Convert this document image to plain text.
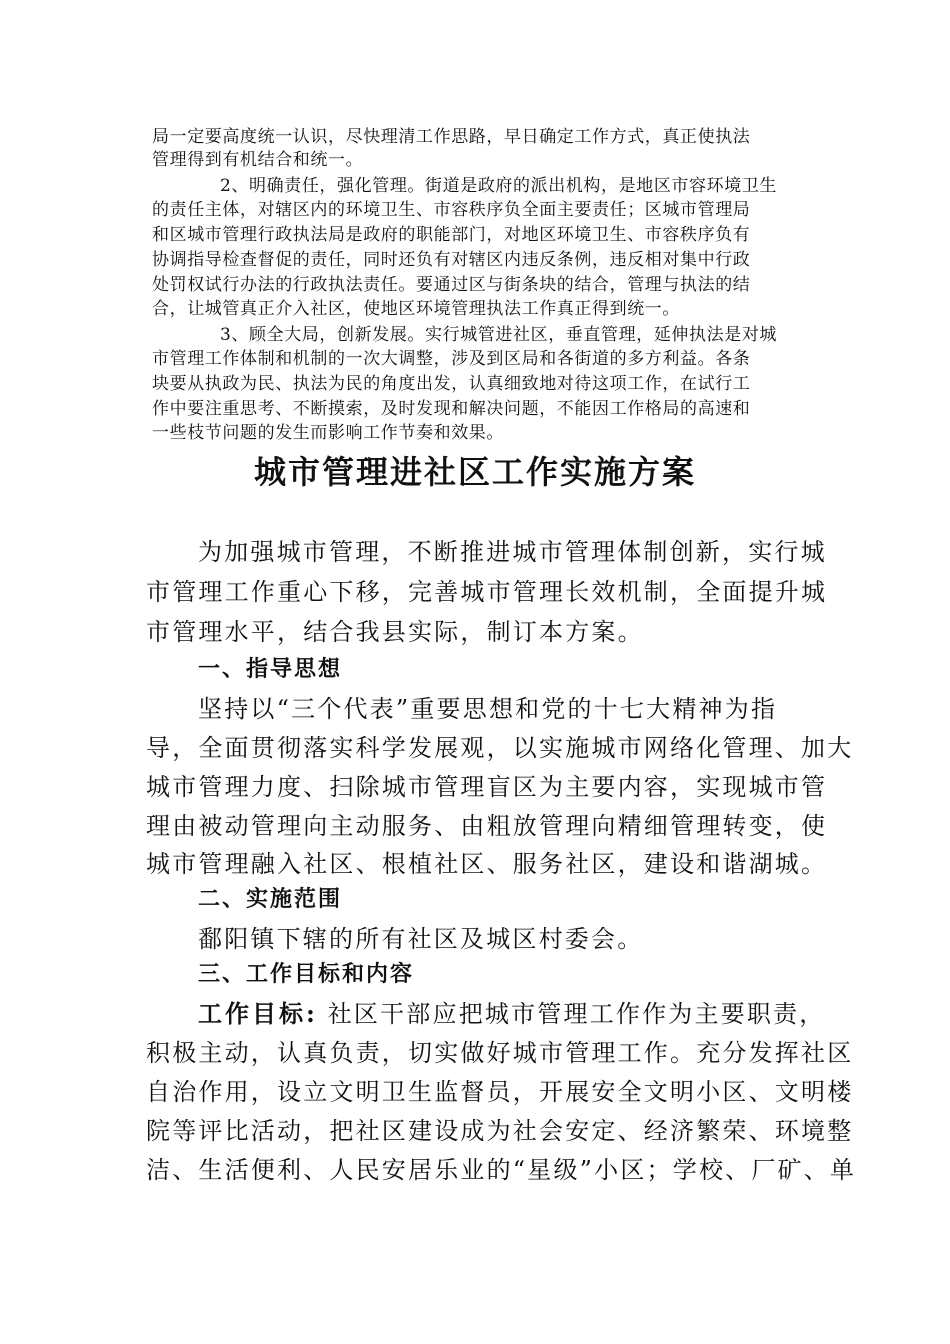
局一定要高度统一认识，尽快理清工作思路，早日确定工作方式，真正使执法

管理得到有机结合和统一。

2、明确责任，强化管理。街道是政府的派出机构，是地区市容环境卫生

的责任主体，对辖区内的环境卫生、市容秩序负全面主要责任；区城市管理局

和区城市管理行政执法局是政府的职能部门，对地区环境卫生、市容秩序负有

协调指导检查督促的责任，同时还负有对辖区内违反条例，违反相对集中行政

处罚权试行办法的行政执法责任。要通过区与街条块的结合，管理与执法的结

合，让城管真正介入社区，使地区环境管理执法工作真正得到统一。

3、顾全大局，创新发展。实行城管进社区，垂直管理，延伸执法是对城

市管理工作体制和机制的一次大调整，涉及到区局和各街道的多方利益。各条

块要从执政为民、执法为民的角度出发，认真细致地对待这项工作，在试行工

作中要注重思考、不断摸索，及时发现和解决问题，不能因工作格局的高速和

一些枝节问题的发生而影响工作节奏和效果。

城市管理进社区工作实施方案

为加强城市管理，不断推进城市管理体制创新，实行城

市管理工作重心下移，完善城市管理长效机制，全面提升城

市管理水平，结合我县实际，制订本方案。

一、指导思想

坚持以“三个代表”重要思想和党的十七大精神为指

导，全面贯彻落实科学发展观，以实施城市网络化管理、加大

城市管理力度、扫除城市管理盲区为主要内容，实现城市管

理由被动管理向主动服务、由粗放管理向精细管理转变，使

城市管理融入社区、根植社区、服务社区，建设和谐湖城。

二、实施范围

鄱阳镇下辖的所有社区及城区村委会。

三、工作目标和内容

工作目标: 社区干部应把城市管理工作作为主要职责，

积极主动，认真负责，切实做好城市管理工作。充分发挥社区

自治作用，设立文明卫生监督员，开展安全文明小区、文明楼

院等评比活动，把社区建设成为社会安定、经济繁荣、环境整

洁、生活便利、人民安居乐业的“星级”小区；学校、厂矿、单
